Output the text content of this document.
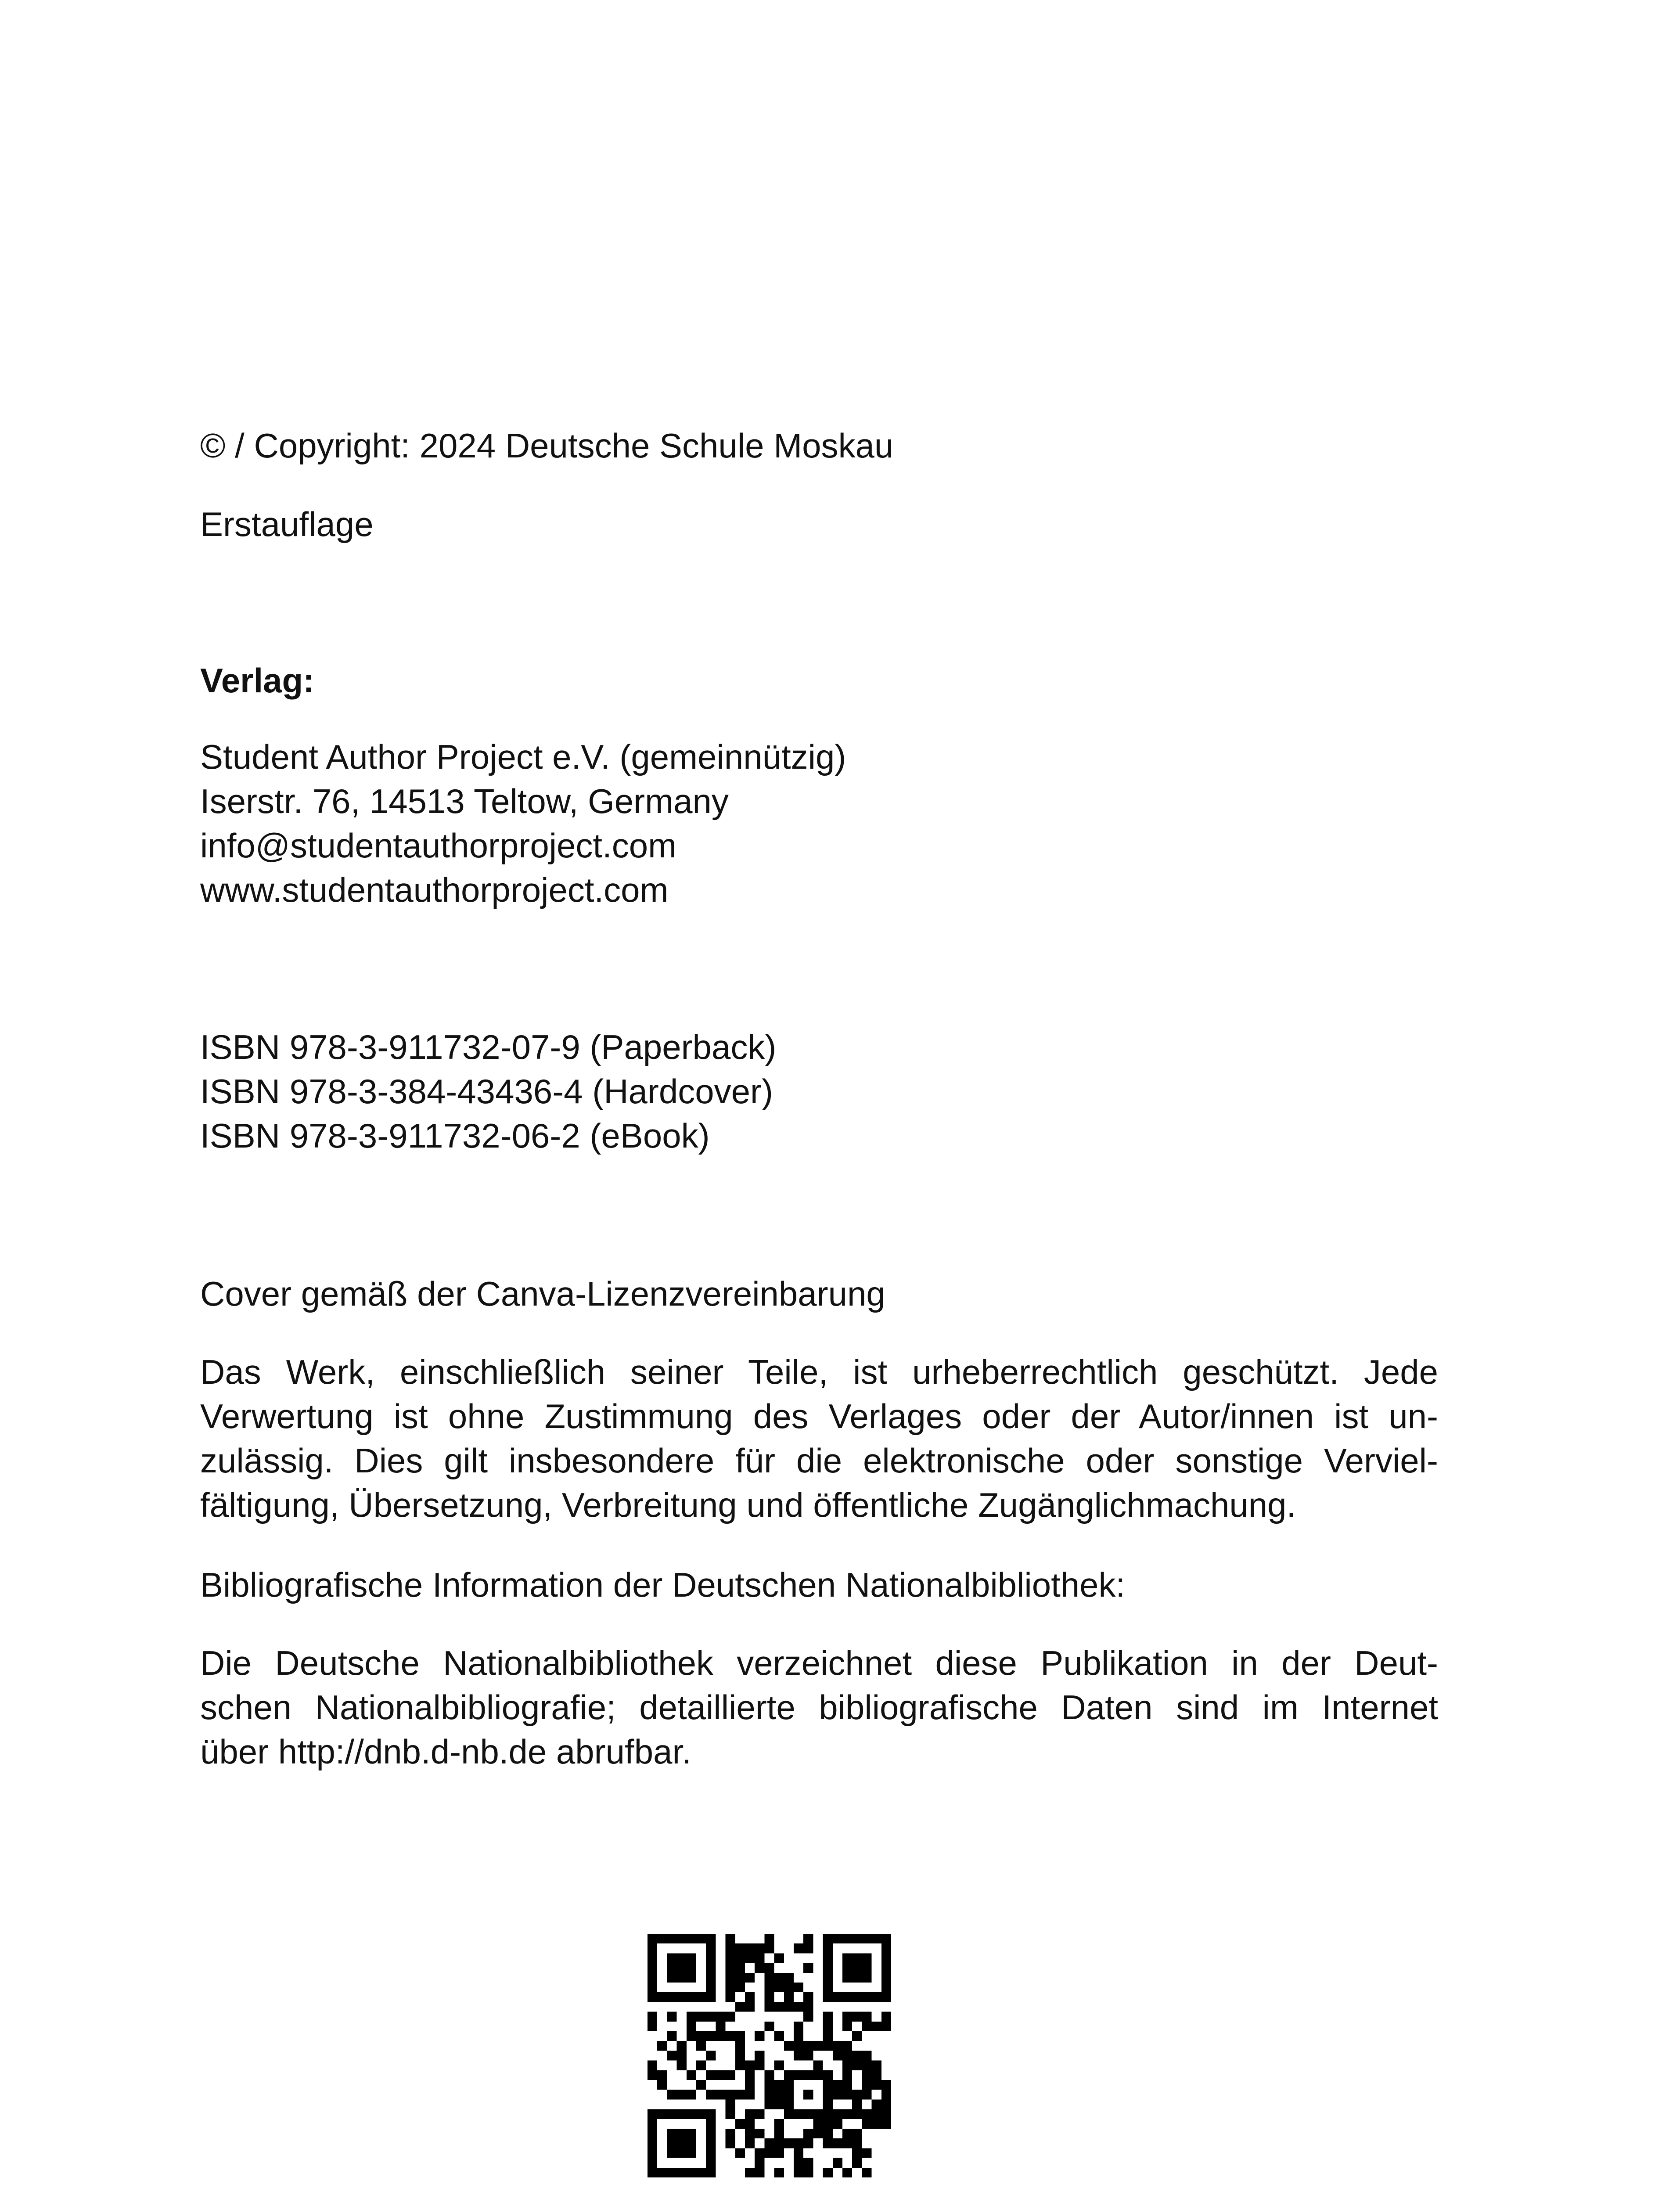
© / Copyright: 2024 Deutsche Schule Moskau
Erstauflage
Verlag:
Student Author Project e.V. (gemeinnützig)
Iserstr. 76, 14513 Teltow, Germany
info@studentauthorproject.com
www.studentauthorproject.com
ISBN 978-3-911732-07-9 (Paperback)
ISBN 978-3-384-43436-4 (Hardcover)
ISBN 978-3-911732-06-2 (eBook)
Cover gemäß der Canva-Lizenzvereinbarung
Das Werk, einschließlich seiner Teile, ist urheberrechtlich geschützt. Jede
Verwertung ist ohne Zustimmung des Verlages oder der Autor/innen ist un-
zulässig. Dies gilt insbesondere für die elektronische oder sonstige Verviel-
fältigung, Übersetzung, Verbreitung und öffentliche Zugänglichmachung.
Bibliografische Information der Deutschen Nationalbibliothek:
Die Deutsche Nationalbibliothek verzeichnet diese Publikation in der Deut-
schen Nationalbibliografie; detaillierte bibliografische Daten sind im Internet
über http://dnb.d-nb.de abrufbar.
